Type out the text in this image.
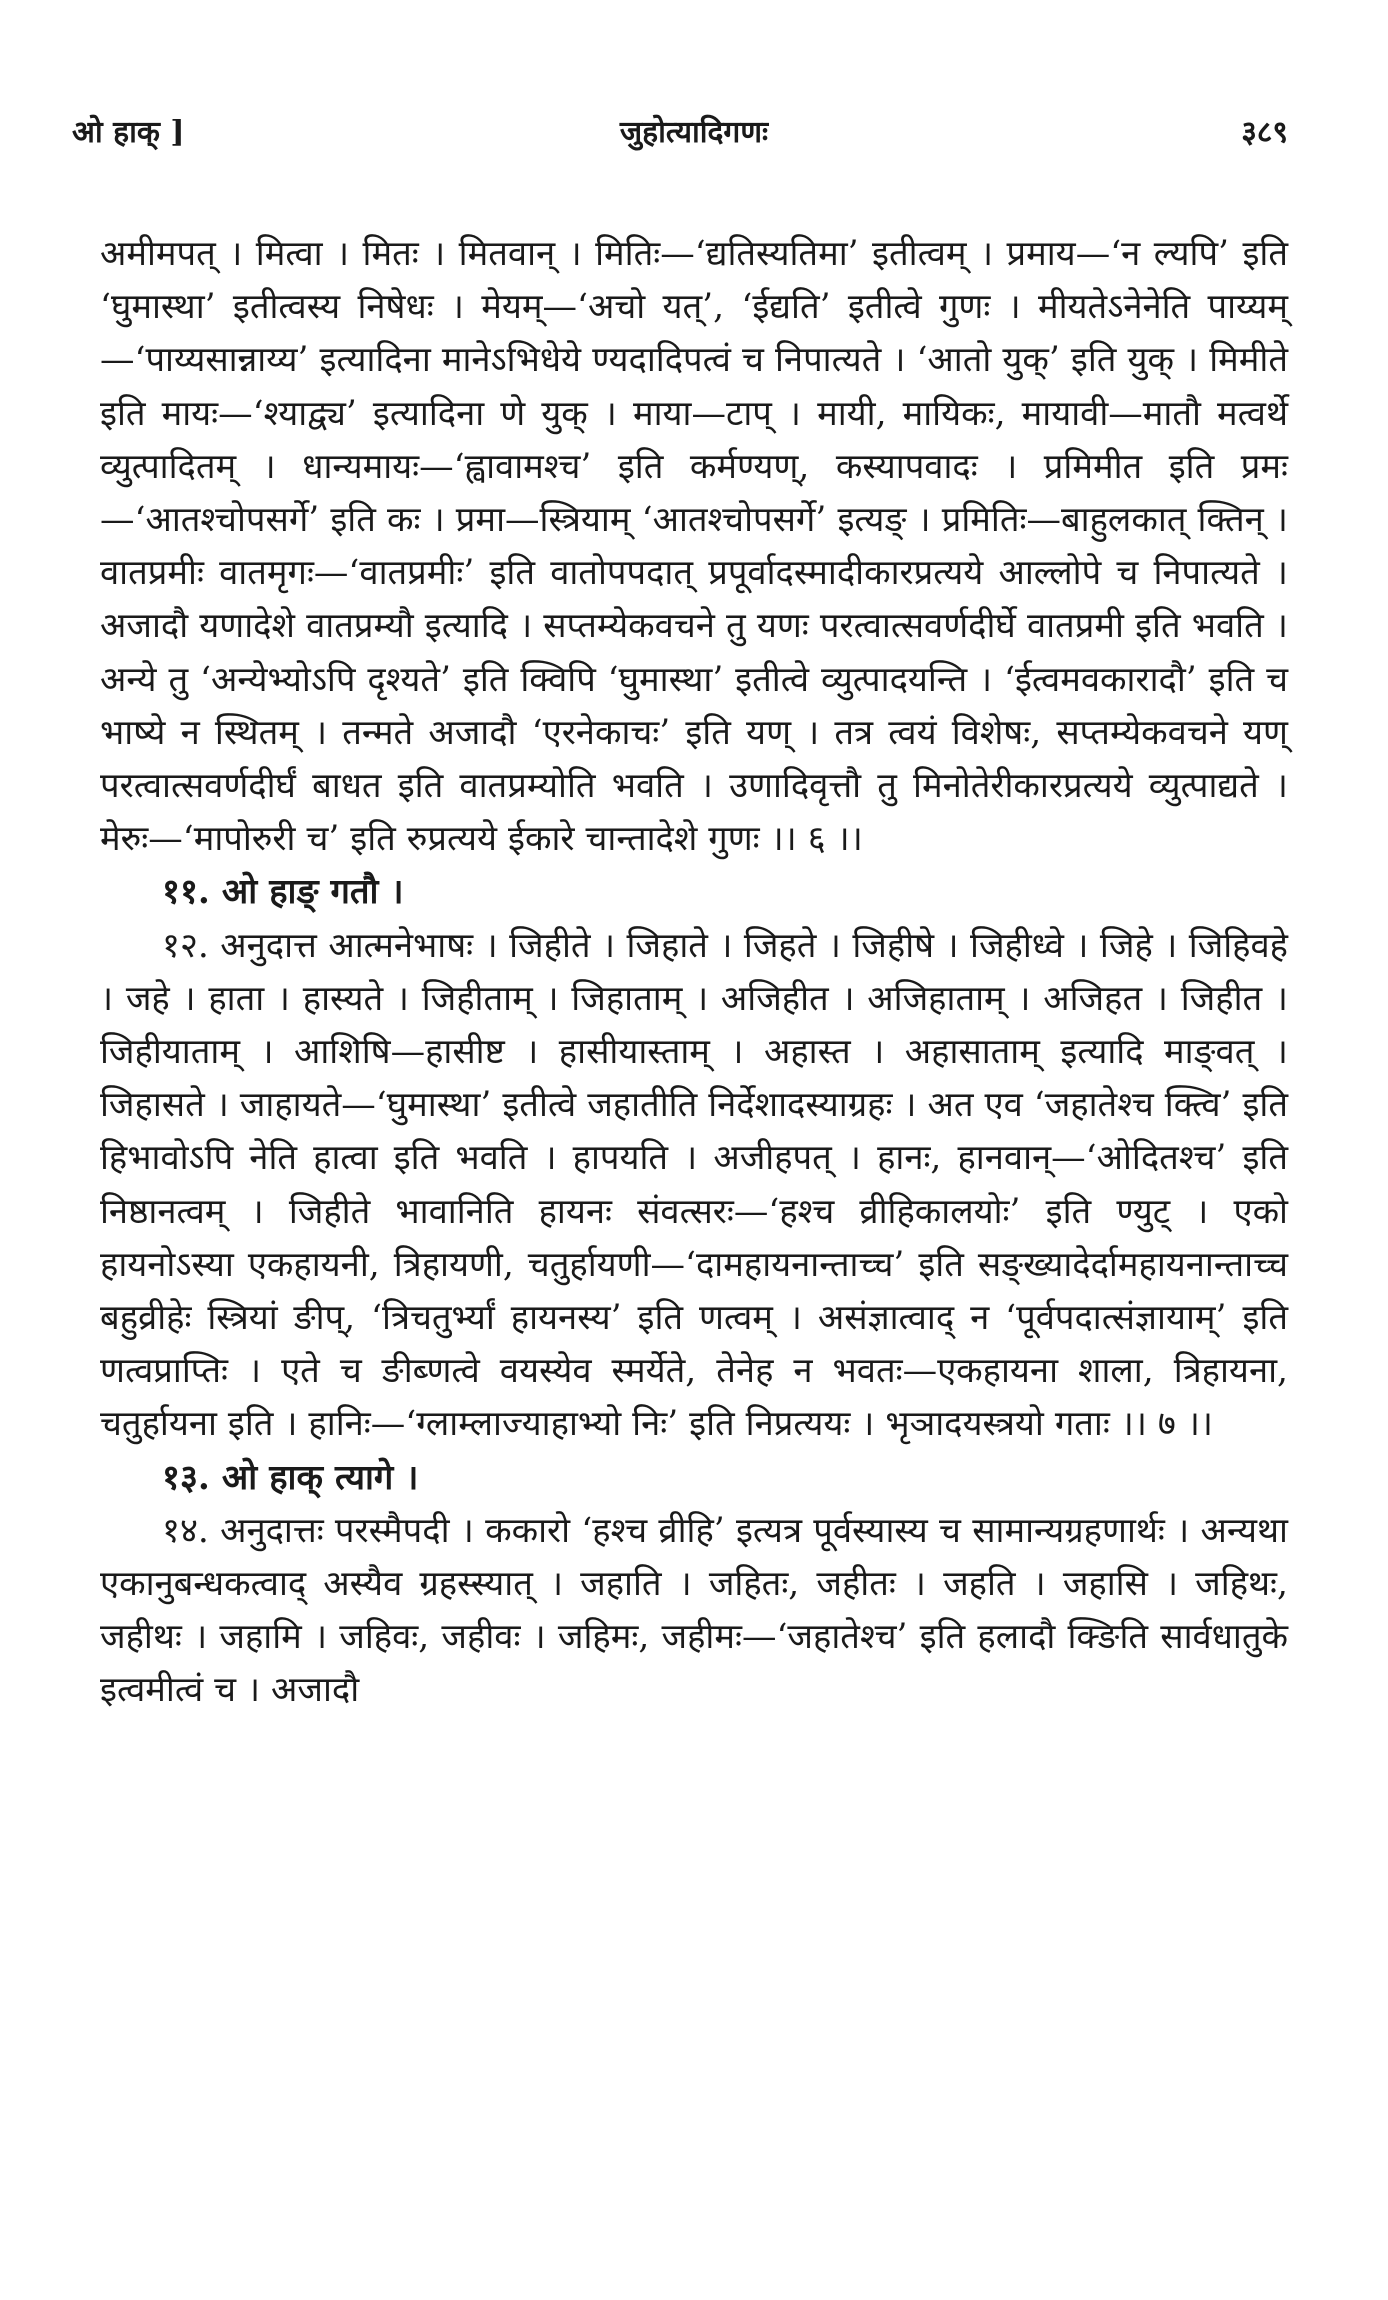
ओ हाक् ]	जुहोत्यादिगणः	३८९

अमीमपत् । मित्वा । मितः । मितवान् । मितिः—‘द्यतिस्यतिमा’ इतीत्वम् । प्रमाय—‘न ल्यपि’ इति ‘घुमास्था’ इतीत्वस्य निषेधः । मेयम्—‘अचो यत्’, ‘ईद्यति’ इतीत्वे गुणः । मीयतेऽनेनेति पाय्यम्—‘पाय्यसान्नाय्य’ इत्यादिना मानेऽभिधेये ण्यदादिपत्वं च निपात्यते । ‘आतो युक्’ इति युक् । मिमीते इति मायः—‘श्याद्व्य’ इत्यादिना णे युक् । माया—टाप् । मायी, मायिकः, मायावी—मातौ मत्वर्थे व्युत्पादितम् । धान्यमायः—‘ह्वावामश्च’ इति कर्मण्यण्, कस्यापवादः । प्रमिमीत इति प्रमः—‘आतश्चोपसर्गे’ इति कः । प्रमा—स्त्रियाम् ‘आतश्चोपसर्गे’ इत्यङ् । प्रमितिः—बाहुलकात् क्तिन् । वातप्रमीः वातमृगः—‘वातप्रमीः’ इति वातोपपदात् प्रपूर्वादस्मादीकारप्रत्यये आल्लोपे च निपात्यते । अजादौ यणादेशे वातप्रम्यौ इत्यादि । सप्तम्येकवचने तु यणः परत्वात्सवर्णदीर्घे वातप्रमी इति भवति । अन्ये तु ‘अन्येभ्योऽपि दृश्यते’ इति क्विपि ‘घुमास्था’ इतीत्वे व्युत्पादयन्ति । ‘ईत्वमवकारादौ’ इति च भाष्ये न स्थितम् । तन्मते अजादौ ‘एरनेकाचः’ इति यण् । तत्र त्वयं विशेषः, सप्तम्येकवचने यण् परत्वात्सवर्णदीर्घं बाधत इति वातप्रम्योति भवति । उणादिवृत्तौ तु मिनोतेरीकारप्रत्यये व्युत्पाद्यते । मेरुः—‘मापोरुरी च’ इति रुप्रत्यये ईकारे चान्तादेशे गुणः ।। ६ ।।

११. ओ हाङ् गतौ ।

१२. अनुदात्त आत्मनेभाषः । जिहीते । जिहाते । जिहते । जिहीषे । जिहीध्वे । जिहे । जिहिवहे । जहे । हाता । हास्यते । जिहीताम् । जिहाताम् । अजिहीत । अजिहाताम् । अजिहत । जिहीत । जिहीयाताम् । आशिषि—हासीष्ट । हासीयास्ताम् । अहास्त । अहासाताम् इत्यादि माङ्वत् । जिहासते । जाहायते—‘घुमास्था’ इतीत्वे जहातीति निर्देशादस्याग्रहः । अत एव ‘जहातेश्च क्त्वि’ इति हिभावोऽपि नेति हात्वा इति भवति । हापयति । अजीहपत् । हानः, हानवान्—‘ओदितश्च’ इति निष्ठानत्वम् । जिहीते भावानिति हायनः संवत्सरः—‘हश्च व्रीहिकालयोः’ इति ण्युट् । एको हायनोऽस्या एकहायनी, त्रिहायणी, चतुर्हायणी—‘दामहायनान्ताच्च’ इति सङ्ख्यादेर्दामहायनान्ताच्च बहुव्रीहेः स्त्रियां ङीप्, ‘त्रिचतुर्भ्यां हायनस्य’ इति णत्वम् । असंज्ञात्वाद् न ‘पूर्वपदात्संज्ञायाम्’ इति णत्वप्राप्तिः । एते च ङीब्णत्वे वयस्येव स्मर्येते, तेनेह न भवतः—एकहायना शाला, त्रिहायना, चतुर्हायना इति । हानिः—‘ग्लाम्लाज्याहाभ्यो निः’ इति निप्रत्ययः । भृञादयस्त्रयो गताः ।। ७ ।।

१३. ओ हाक् त्यागे ।

१४. अनुदात्तः परस्मैपदी । ककारो ‘हश्च व्रीहि’ इत्यत्र पूर्वस्यास्य च सामान्यग्रहणार्थः । अन्यथा एकानुबन्धकत्वाद् अस्यैव ग्रहस्स्यात् । जहाति । जहितः, जहीतः । जहति । जहासि । जहिथः, जहीथः । जहामि । जहिवः, जहीवः । जहिमः, जहीमः—‘जहातेश्च’ इति हलादौ क्ङिति सार्वधातुके इत्वमीत्वं च । अजादौ
